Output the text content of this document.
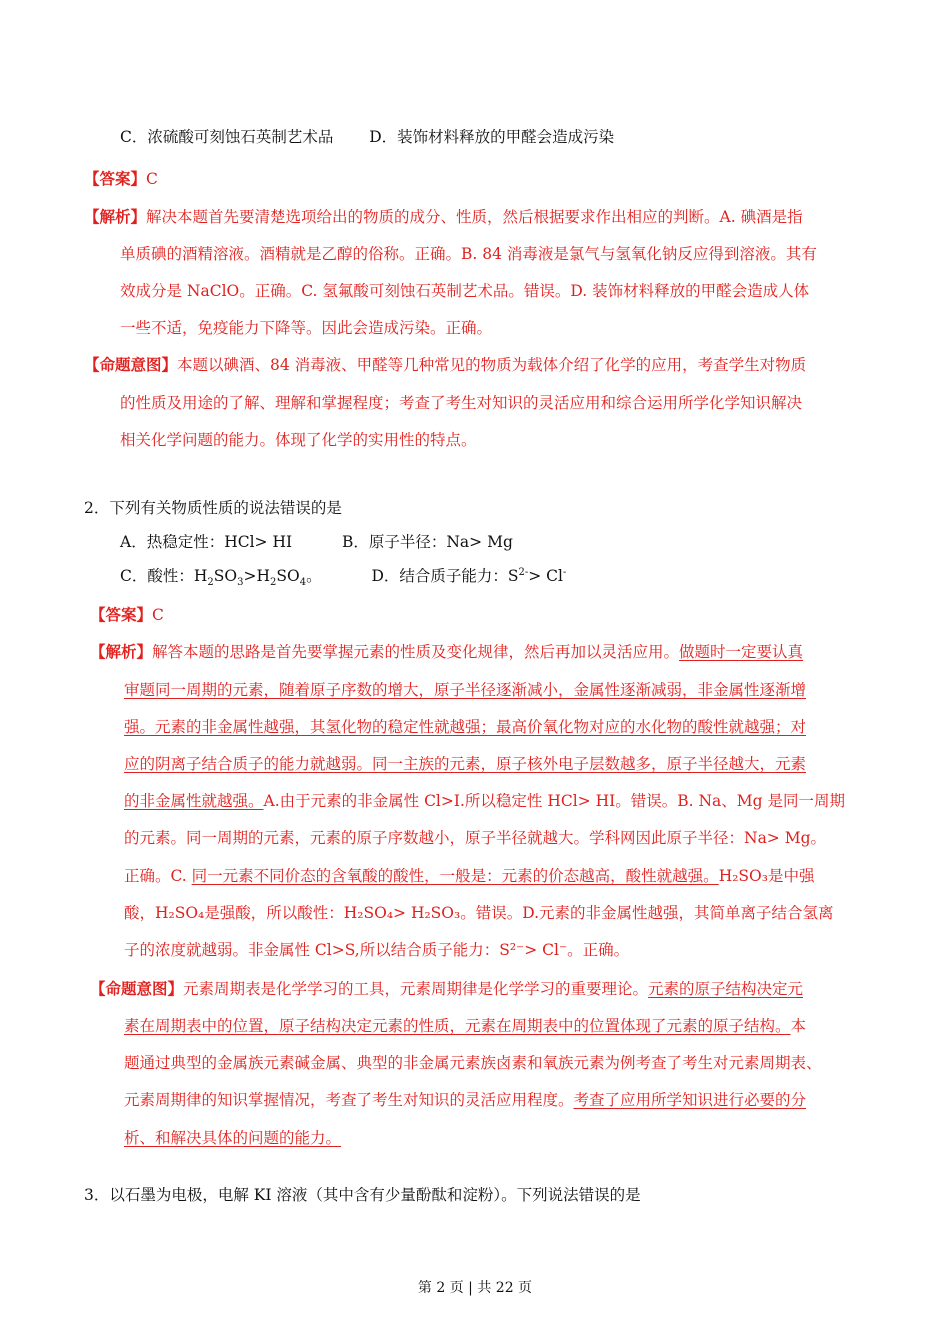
C．浓硫酸可刻蚀石英制艺术品 D．装饰材料释放的甲醛会造成污染
【答案】C
【解析】解决本题首先要清楚选项给出的物质的成分、性质，然后根据要求作出相应的判断。A. 碘酒是指
单质碘的酒精溶液。酒精就是乙醇的俗称。正确。B. 84 消毒液是氯气与氢氧化钠反应得到溶液。其有
效成分是 NaClO。正确。C. 氢氟酸可刻蚀石英制艺术品。错误。D. 装饰材料释放的甲醛会造成人体
一些不适，免疫能力下降等。因此会造成污染。正确。
【命题意图】本题以碘酒、84 消毒液、甲醛等几种常见的物质为载体介绍了化学的应用，考查学生对物质
的性质及用途的了解、理解和掌握程度；考查了考生对知识的灵活应用和综合运用所学化学知识解决
相关化学问题的能力。体现了化学的实用性的特点。
2．下列有关物质性质的说法错误的是
A．热稳定性：HCl> HI	B．原子半径：Na> Mg
C．酸性：$H_2SO_3>H_2SO_4$。	D．结合质子能力：$S^{2-}> Cl^-$
【答案】C
【解析】解答本题的思路是首先要掌握元素的性质及变化规律，然后再加以灵活应用。做题时一定要认真
审题同一周期的元素，随着原子序数的增大，原子半径逐渐减小，金属性逐渐减弱，非金属性逐渐增
强。元素的非金属性越强，其氢化物的稳定性就越强；最高价氧化物对应的水化物的酸性就越强；对
应的阴离子结合质子的能力就越弱。同一主族的元素，原子核外电子层数越多，原子半径越大，元素
的非金属性就越强。A.由于元素的非金属性 Cl>I.所以稳定性 HCl> HI。错误。B. Na、Mg 是同一周期
的元素。同一周期的元素，元素的原子序数越小，原子半径就越大。学科网因此原子半径：Na> Mg。
正确。C. 同一元素不同价态的含氧酸的酸性，一般是：元素的价态越高，酸性就越强。H₂SO₃是中强
酸，H₂SO₄是强酸，所以酸性：H₂SO₄> H₂SO₃。错误。D.元素的非金属性越强，其简单离子结合氢离
子的浓度就越弱。非金属性 Cl>S,所以结合质子能力：S²⁻> Cl⁻。正确。
【命题意图】元素周期表是化学学习的工具，元素周期律是化学学习的重要理论。元素的原子结构决定元
素在周期表中的位置，原子结构决定元素的性质，元素在周期表中的位置体现了元素的原子结构。本
题通过典型的金属族元素碱金属、典型的非金属元素族卤素和氧族元素为例考查了考生对元素周期表、
元素周期律的知识掌握情况，考查了考生对知识的灵活应用程度。考查了应用所学知识进行必要的分
析、和解决具体的问题的能力。
3．以石墨为电极，电解 KI 溶液（其中含有少量酚酞和淀粉）。下列说法错误的是
第 2 页 | 共 22 页
